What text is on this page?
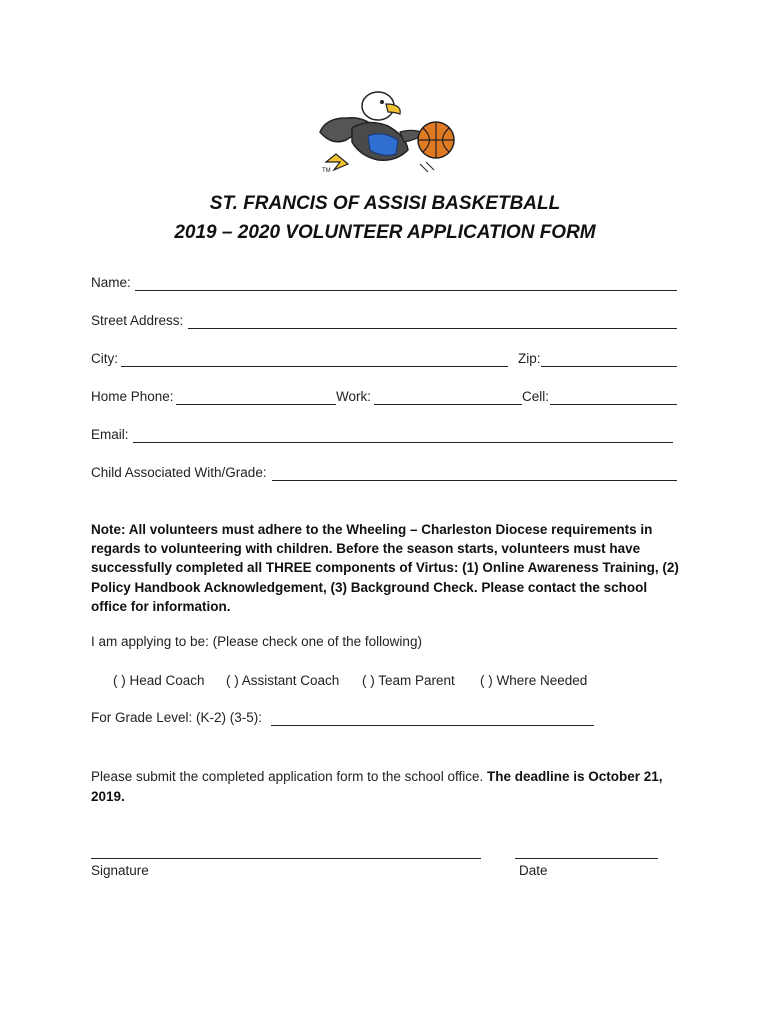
TM
ST. FRANCIS OF ASSISI BASKETBALL
2019 – 2020 VOLUNTEER APPLICATION FORM
Name:
Street Address:
City:	Zip:
Home Phone:	Work:	Cell:
Email:
Child Associated With/Grade:
Note: All volunteers must adhere to the Wheeling – Charleston Diocese requirements in regards to volunteering with children. Before the season starts, volunteers must have successfully completed all THREE components of Virtus: (1) Online Awareness Training, (2) Policy Handbook Acknowledgement, (3) Background Check. Please contact the school office for information.
I am applying to be: (Please check one of the following)
( ) Head Coach ( ) Assistant Coach ( ) Team Parent ( ) Where Needed
For Grade Level: (K-2) (3-5):
Please submit the completed application form to the school office. The deadline is October 21, 2019.
Signature	Date
